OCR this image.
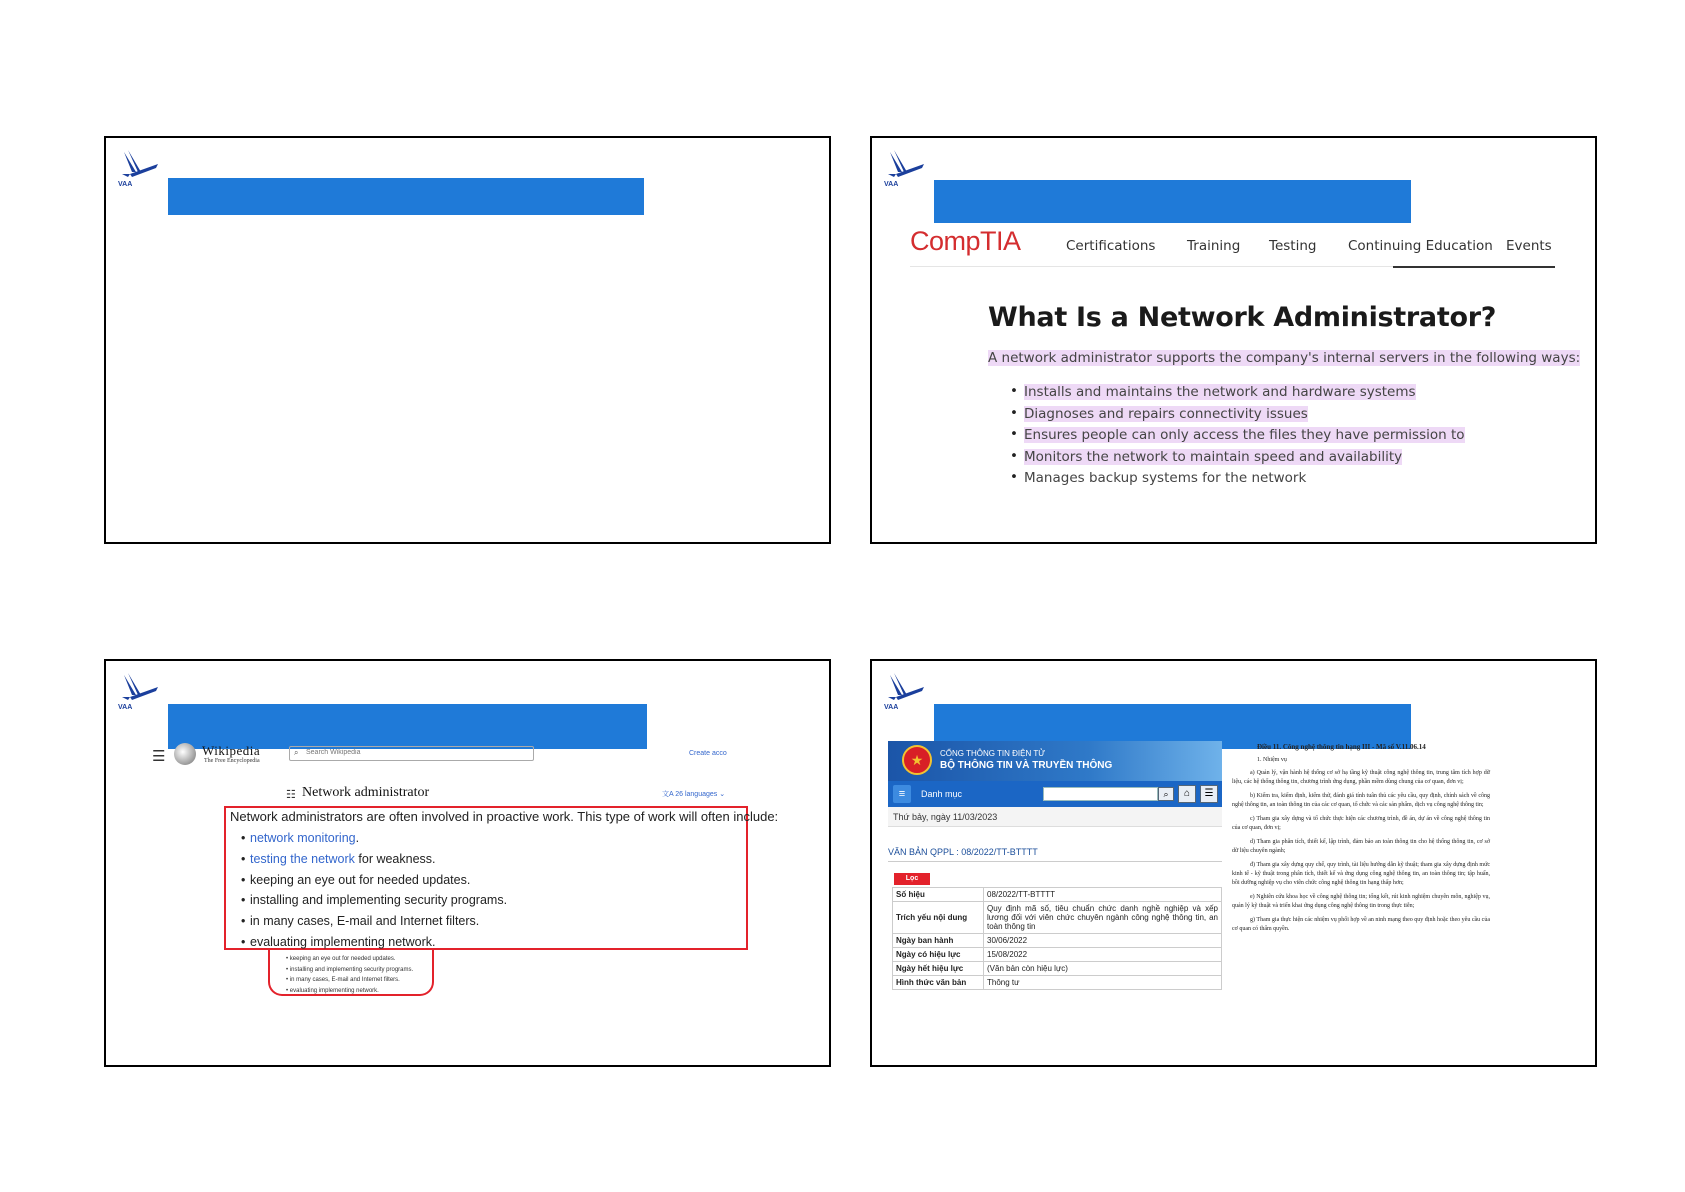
VAA	VAA
CompTIA	Certifications Training Testing Continuing Education Events
What Is a Network Administrator?
A network administrator supports the company's internal servers in the following ways:
• Installs and maintains the network and hardware systems
• Diagnoses and repairs connectivity issues
• Ensures people can only access the files they have permission to
• Monitors the network to maintain speed and availability
• Manages backup systems for the network
VAA
☰	Wikipedia
The Free Encyclopedia
⌕ Search Wikipedia	Create acco
☷ Network administrator	文A 26 languages ⌄
Network administrators are often involved in proactive work. This type of work will often include:
• network monitoring.
• testing the network for weakness.
• keeping an eye out for needed updates.
• installing and implementing security programs.
• in many cases, E-mail and Internet filters.
• evaluating implementing network.
• keeping an eye out for needed updates.
• installing and implementing security programs.
• in many cases, E-mail and Internet filters.
• evaluating implementing network.
VAA
★	CỔNG THÔNG TIN ĐIỆN TỬ
BỘ THÔNG TIN VÀ TRUYỀN THÔNG
≡	Danh mục	⌕	⌂	☰
Thứ bảy, ngày 11/03/2023
VĂN BẢN QPPL : 08/2022/TT-BTTTT
Lọc
Số hiệu	08/2022/TT-BTTTT
Trích yếu nội dung	Quy định mã số, tiêu chuẩn chức danh nghề nghiệp và xếp lương đối với viên chức chuyên ngành công nghệ thông tin, an toàn thông tin
Ngày ban hành	30/06/2022
Ngày có hiệu lực	15/08/2022
Ngày hết hiệu lực	(Văn bản còn hiệu lực)
Hình thức văn bản	Thông tư
Điều 11. Công nghệ thông tin hạng III - Mã số V.11.06.14
1. Nhiệm vụ

a) Quản lý, vận hành hệ thống cơ sở hạ tầng kỹ thuật công nghệ thông tin, trung tâm tích hợp dữ liệu, các hệ thống thông tin, chương trình ứng dụng, phần mềm dùng chung của cơ quan, đơn vị;

b) Kiểm tra, kiểm định, kiểm thử, đánh giá tính tuân thủ các yêu cầu, quy định, chính sách về công nghệ thông tin, an toàn thông tin của các cơ quan, tổ chức và các sản phẩm, dịch vụ công nghệ thông tin;

c) Tham gia xây dựng và tổ chức thực hiện các chương trình, đề án, dự án về công nghệ thông tin của cơ quan, đơn vị;

d) Tham gia phân tích, thiết kế, lập trình, đảm bảo an toàn thông tin cho hệ thống thông tin, cơ sở dữ liệu chuyên ngành;

đ) Tham gia xây dựng quy chế, quy trình, tài liệu hướng dẫn kỹ thuật; tham gia xây dựng định mức kinh tế - kỹ thuật trong phân tích, thiết kế và ứng dụng công nghệ thông tin, an toàn thông tin; tập huấn, bồi dưỡng nghiệp vụ cho viên chức công nghệ thông tin hạng thấp hơn;

e) Nghiên cứu khoa học về công nghệ thông tin; tổng kết, rút kinh nghiệm chuyên môn, nghiệp vụ, quản lý kỹ thuật và triển khai ứng dụng công nghệ thông tin trong thực tiễn;

g) Tham gia thực hiện các nhiệm vụ phối hợp về an ninh mạng theo quy định hoặc theo yêu cầu của cơ quan có thẩm quyền.
